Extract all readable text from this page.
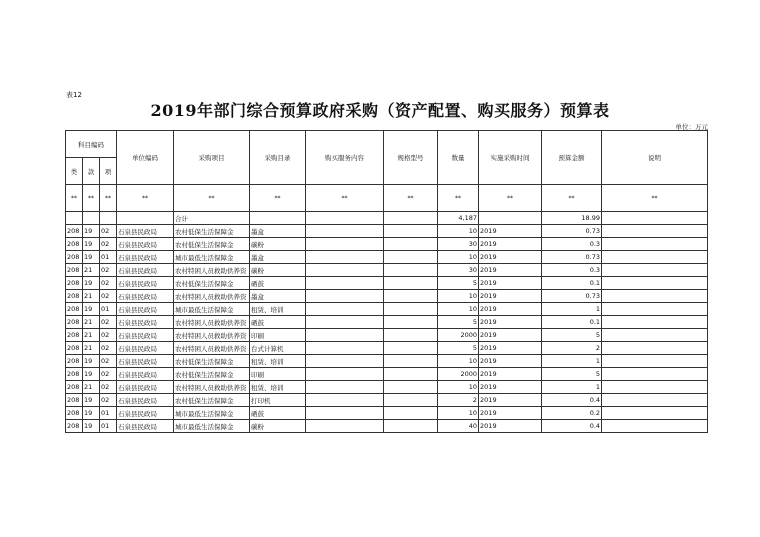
表12
2019年部门综合预算政府采购（资产配置、购买服务）预算表
单位：万元
科目编码			单位编码	采购项目	采购目录	购买服务内容	规格型号	数量	实施采购时间	预算金额	说明
类	款	项									
**	**	**	**	**	**	**	**	**	**	**	**
				合计				4,187		18.99	
208	19	02	石泉县民政局	农村低保生活保障金	墨盒			10	2019	0.73	
208	19	02	石泉县民政局	农村低保生活保障金	碳粉			30	2019	0.3	
208	19	01	石泉县民政局	城市最低生活保障金	墨盒			10	2019	0.73	
208	21	02	石泉县民政局	农村特困人员救助供养资	碳粉			30	2019	0.3	
208	19	02	石泉县民政局	农村低保生活保障金	硒鼓			5	2019	0.1	
208	21	02	石泉县民政局	农村特困人员救助供养资	墨盒			10	2019	0.73	
208	19	01	石泉县民政局	城市最低生活保障金	租赁、培训			10	2019	1	
208	21	02	石泉县民政局	农村特困人员救助供养资	硒鼓			5	2019	0.1	
208	21	02	石泉县民政局	农村特困人员救助供养资	印刷			2000	2019	5	
208	21	02	石泉县民政局	农村特困人员救助供养资	台式计算机			5	2019	2	
208	19	02	石泉县民政局	农村低保生活保障金	租赁、培训			10	2019	1	
208	19	02	石泉县民政局	农村低保生活保障金	印刷			2000	2019	5	
208	21	02	石泉县民政局	农村特困人员救助供养资	租赁、培训			10	2019	1	
208	19	02	石泉县民政局	农村低保生活保障金	打印机			2	2019	0.4	
208	19	01	石泉县民政局	城市最低生活保障金	硒鼓			10	2019	0.2	
208	19	01	石泉县民政局	城市最低生活保障金	碳粉			40	2019	0.4	
